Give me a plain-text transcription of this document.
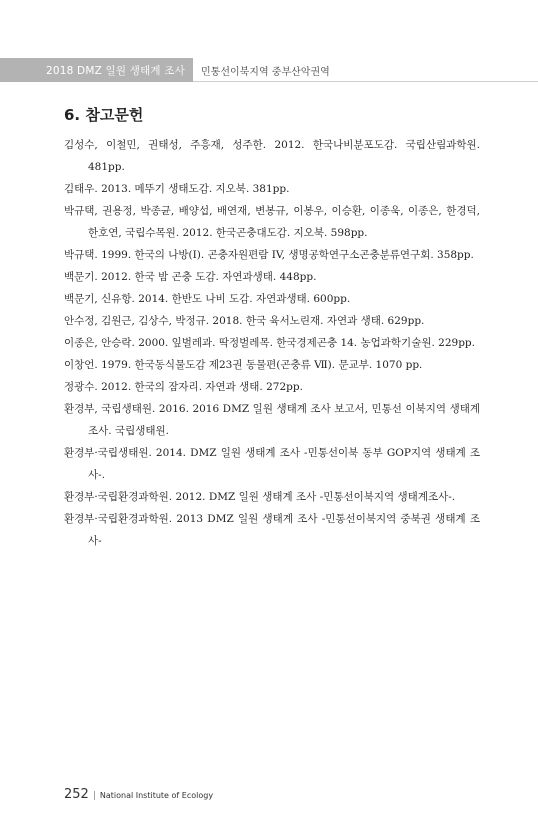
2018 DMZ 일원 생태계 조사 민통선이북지역 중부산악권역
6. 참고문헌

김성수, 이철민, 권태성, 주흥재, 성주한. 2012. 한국나비분포도감. 국립산림과학원. 481pp.

김태우. 2013. 메뚜기 생태도감. 지오북. 381pp.

박규택, 권용정, 박종균, 배양섭, 배연재, 변봉규, 이봉우, 이승환, 이종욱, 이종은, 한경덕, 한호연, 국립수목원. 2012. 한국곤충대도감. 지오북. 598pp.

박규택. 1999. 한국의 나방(I). 곤충자원편람 IV, 생명공학연구소곤충분류연구회. 358pp.

백문기. 2012. 한국 밤 곤충 도감. 자연과생태. 448pp.

백문기, 신유항. 2014. 한반도 나비 도감. 자연과생태. 600pp.

안수정, 김원근, 김상수, 박정규. 2018. 한국 육서노린재. 자연과 생태. 629pp.

이종은, 안승락. 2000. 잎벌레과. 딱정벌레목. 한국경제곤충 14. 농업과학기술원. 229pp.

이창언. 1979. 한국동식물도감 제23권 동물편(곤충류 Ⅶ). 문교부. 1070 pp.

정광수. 2012. 한국의 잠자리. 자연과 생태. 272pp.

환경부, 국립생태원. 2016. 2016 DMZ 일원 생태계 조사 보고서, 민통선 이북지역 생태계 조사. 국립생태원.

환경부·국립생태원. 2014. DMZ 일원 생태계 조사 -민통선이북 동부 GOP지역 생태계 조사-.

환경부·국립환경과학원. 2012. DMZ 일원 생태계 조사 -민통선이북지역 생태계조사-.

환경부·국립환경과학원. 2013 DMZ 일원 생태계 조사 -민통선이북지역 중북권 생태계 조사-

252 | National Institute of Ecology
